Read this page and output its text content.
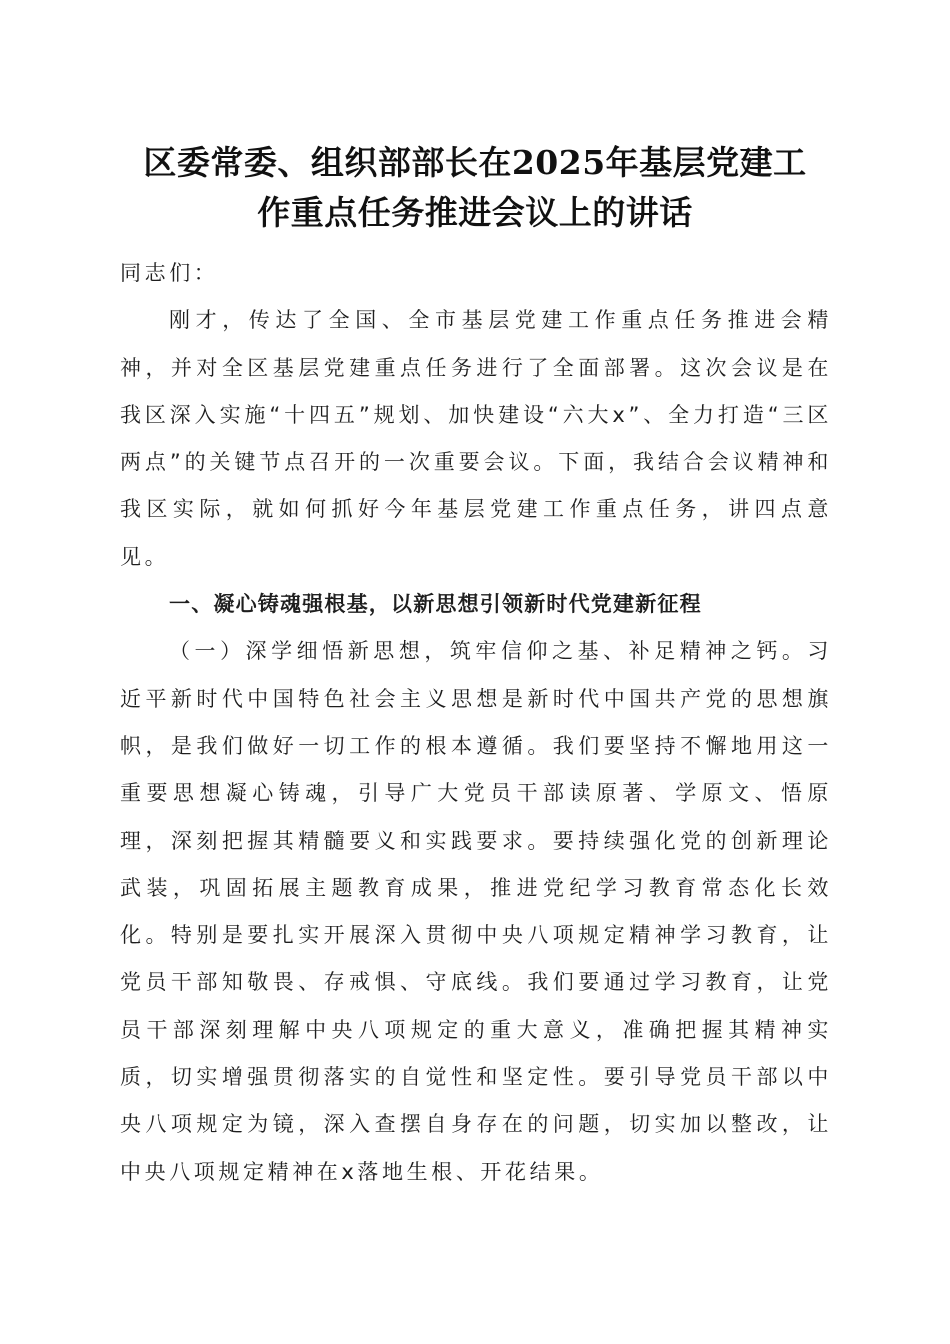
区委常委、组织部部长在2025年基层党建工
作重点任务推进会议上的讲话

同志们：

刚才，传达了全国、全市基层党建工作重点任务推进会精神，并对全区基层党建重点任务进行了全面部署。这次会议是在我区深入实施“十四五”规划、加快建设“六大x”、全力打造“三区两点”的关键节点召开的一次重要会议。下面，我结合会议精神和我区实际，就如何抓好今年基层党建工作重点任务，讲四点意见。

一、凝心铸魂强根基，以新思想引领新时代党建新征程

（一）深学细悟新思想，筑牢信仰之基、补足精神之钙。习近平新时代中国特色社会主义思想是新时代中国共产党的思想旗帜，是我们做好一切工作的根本遵循。我们要坚持不懈地用这一重要思想凝心铸魂，引导广大党员干部读原著、学原文、悟原理，深刻把握其精髓要义和实践要求。要持续强化党的创新理论武装，巩固拓展主题教育成果，推进党纪学习教育常态化长效化。特别是要扎实开展深入贯彻中央八项规定精神学习教育，让党员干部知敬畏、存戒惧、守底线。我们要通过学习教育，让党员干部深刻理解中央八项规定的重大意义，准确把握其精神实质，切实增强贯彻落实的自觉性和坚定性。要引导党员干部以中央八项规定为镜，深入查摆自身存在的问题，切实加以整改，让中央八项规定精神在x落地生根、开花结果。
